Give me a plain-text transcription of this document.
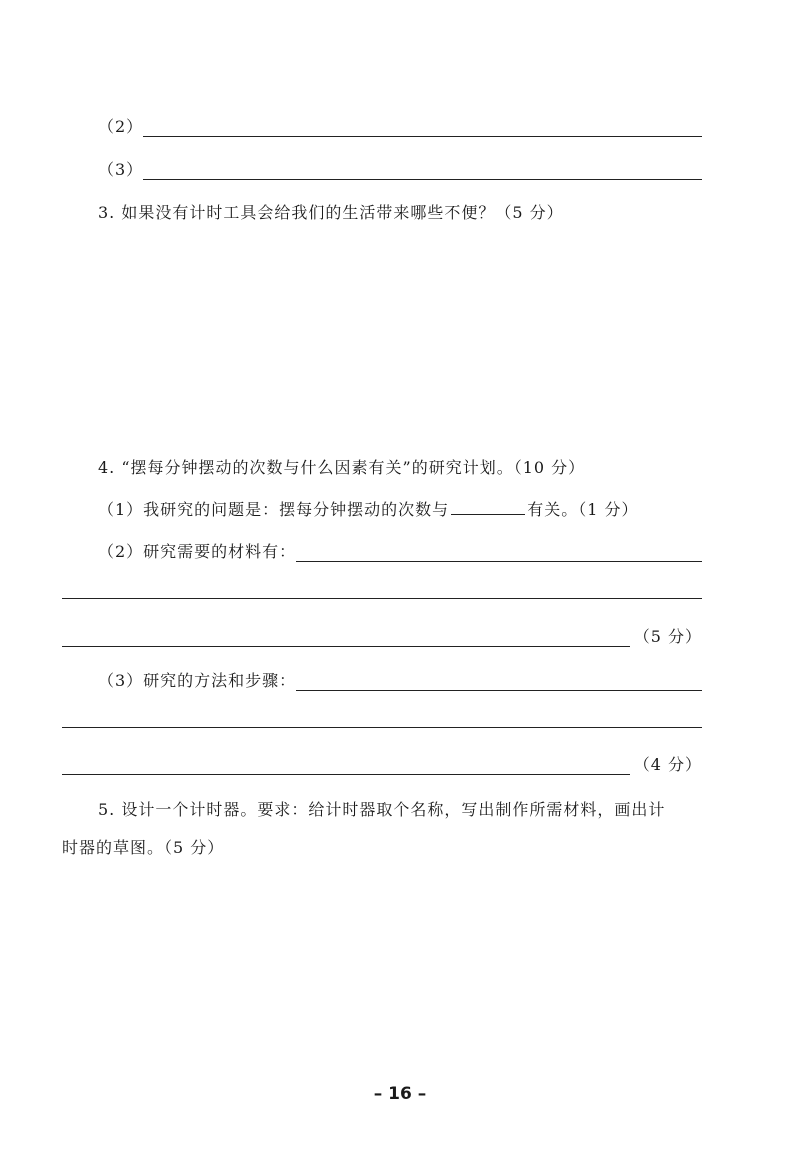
（2）
（3）
3. 如果没有计时工具会给我们的生活带来哪些不便？（5 分）
4. “摆每分钟摆动的次数与什么因素有关”的研究计划。（10 分）
（1）我研究的问题是：摆每分钟摆动的次数与	有关。（1 分）
（2）研究需要的材料有：
（5 分）
（3）研究的方法和步骤：
（4 分）
5. 设计一个计时器。要求：给计时器取个名称，写出制作所需材料，画出计
时器的草图。（5 分）
– 16 –
